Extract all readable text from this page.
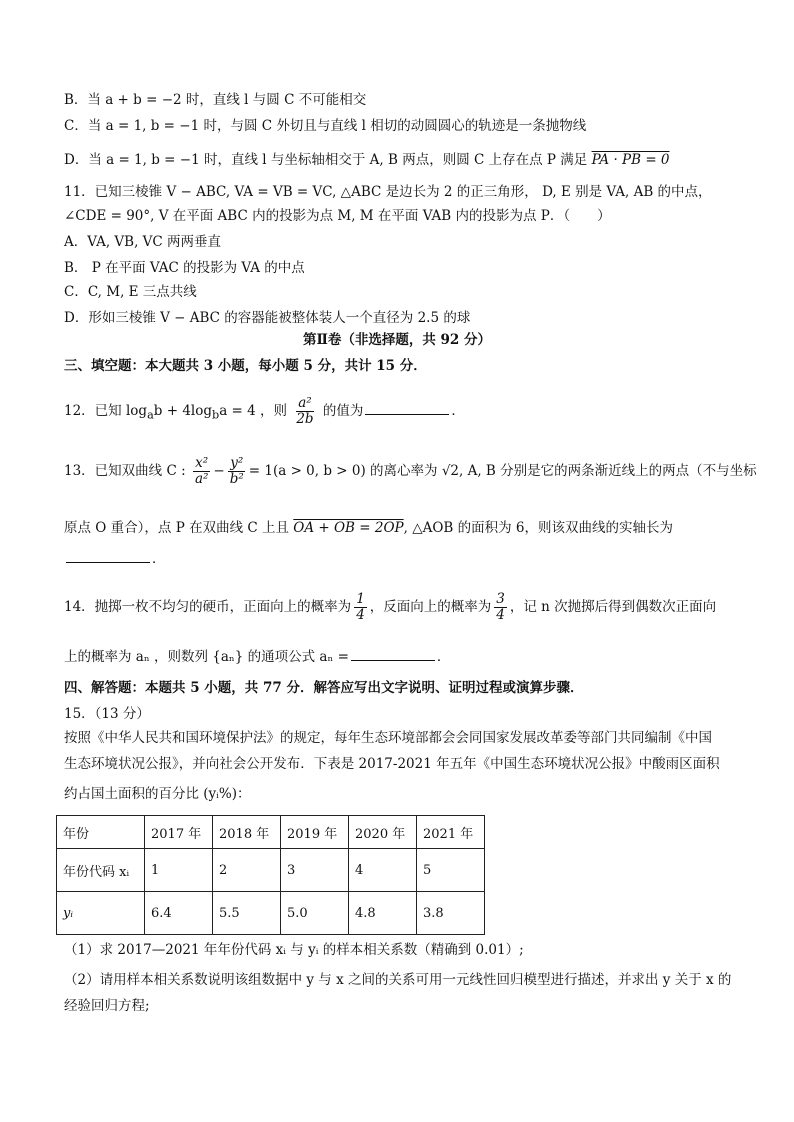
B．当 a + b = −2 时，直线 l 与圆 C 不可能相交
C．当 a = 1, b = −1 时，与圆 C 外切且与直线 l 相切的动圆圆心的轨迹是一条抛物线
D．当 a = 1, b = −1 时，直线 l 与坐标轴相交于 A, B 两点，则圆 C 上存在点 P 满足 PA · PB = 0
11．已知三棱锥 V − ABC, VA = VB = VC, △ABC 是边长为 2 的正三角形， D, E 别是 VA, AB 的中点，
∠CDE = 90°, V 在平面 ABC 内的投影为点 M, M 在平面 VAB 内的投影为点 P．（　　）
A．VA, VB, VC 两两垂直
B． P 在平面 VAC 的投影为 VA 的中点
C．C, M, E 三点共线
D．形如三棱锥 V − ABC 的容器能被整体装人一个直径为 2.5 的球
第Ⅱ卷（非选择题，共 92 分）
三、填空题：本大题共 3 小题，每小题 5 分，共计 15 分．
12．已知 $\log_ab + 4\log_ba = 4$ ，则 $\frac{\text{a²}}{2b}$ 的值为	．
13．已知双曲线 C : $\frac{\text{x²}}{\text{a²}} - \frac{\text{y²}}{\text{b²}} = 1(a > 0$, b > 0) 的离心率为 √2, A, B 分别是它的两条渐近线上的两点（不与坐标
原点 O 重合），点 P 在双曲线 C 上且 OA + OB = 2OP, △AOB 的面积为 6，则该双曲线的实轴长为
．
14．抛掷一枚不均匀的硬币，正面向上的概率为 $\frac{1}{4}$ ，反面向上的概率为 $\frac{3}{4}$ ，记 n 次抛掷后得到偶数次正面向
上的概率为 aₙ ，则数列 {aₙ} 的通项公式 aₙ =	．
四、解答题：本题共 5 小题，共 77 分．解答应写出文字说明、证明过程或演算步骤．
15．（13 分）
按照《中华人民共和国环境保护法》的规定，每年生态环境部都会会同国家发展改革委等部门共同编制《中国
生态环境状况公报》，并向社会公开发布．下表是 2017-2021 年五年《中国生态环境状况公报》中酸雨区面积
约占国土面积的百分比 (yᵢ%)：
年份	2017 年	2018 年	2019 年	2020 年	2021 年
年份代码 xᵢ	1	2	3	4	5
yᵢ	6.4	5.5	5.0	4.8	3.8
（1）求 2017—2021 年年份代码 xᵢ 与 yᵢ 的样本相关系数（精确到 0.01）;
（2）请用样本相关系数说明该组数据中 y 与 x 之间的关系可用一元线性回归模型进行描述，并求出 y 关于 x 的
经验回归方程;
